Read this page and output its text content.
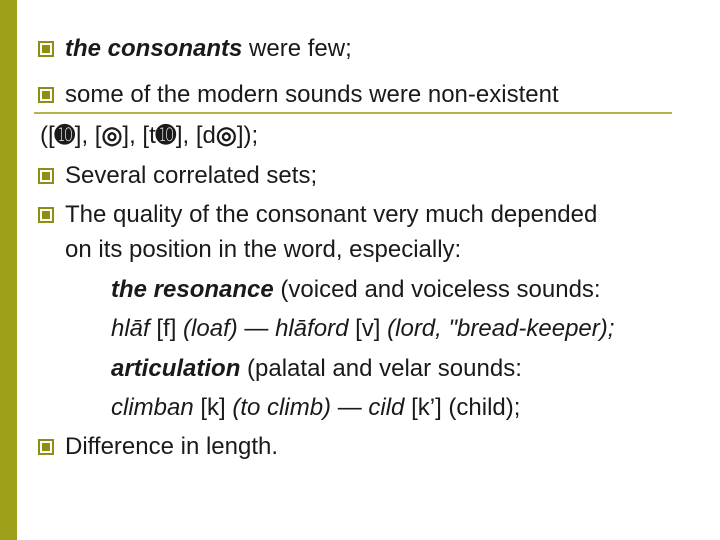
the consonants were few;
some of the modern sounds were non-existent
([➓], [◎], [t➓], [d◎]);
Several correlated sets;
The quality of the consonant very much depended
on its position in the word, especially:
the resonance (voiced and voiceless sounds:
hlāf [f] (loaf) — hlāford [v] (lord, "bread-keeper);
articulation (palatal and velar sounds:
climban [k] (to climb) — cild [k’] (child);
Difference in length.
